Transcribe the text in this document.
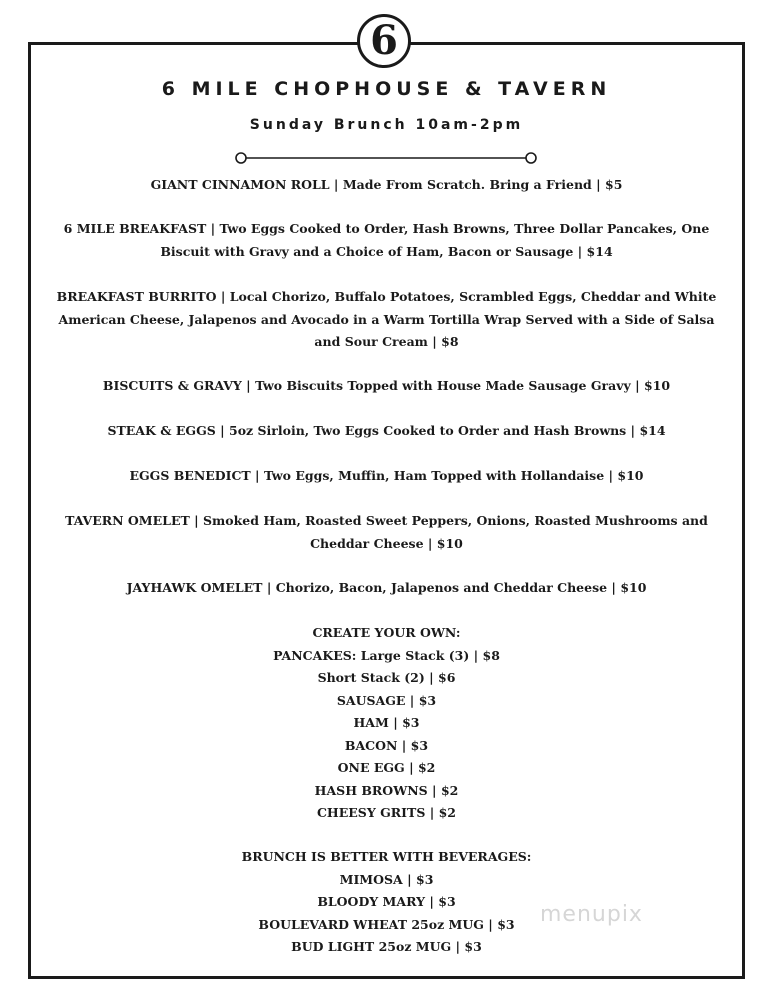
6
6 MILE CHOPHOUSE & TAVERN
Sunday Brunch 10am-2pm

GIANT CINNAMON ROLL | Made From Scratch. Bring a Friend | $5

6 MILE BREAKFAST | Two Eggs Cooked to Order, Hash Browns, Three Dollar Pancakes, One Biscuit with Gravy and a Choice of Ham, Bacon or Sausage | $14

BREAKFAST BURRITO | Local Chorizo, Buffalo Potatoes, Scrambled Eggs, Cheddar and White American Cheese, Jalapenos and Avocado in a Warm Tortilla Wrap Served with a Side of Salsa and Sour Cream | $8

BISCUITS & GRAVY | Two Biscuits Topped with House Made Sausage Gravy | $10

STEAK & EGGS | 5oz Sirloin, Two Eggs Cooked to Order and Hash Browns | $14

EGGS BENEDICT | Two Eggs, Muffin, Ham Topped with Hollandaise | $10

TAVERN OMELET | Smoked Ham, Roasted Sweet Peppers, Onions, Roasted Mushrooms and Cheddar Cheese | $10

JAYHAWK OMELET | Chorizo, Bacon, Jalapenos and Cheddar Cheese | $10

CREATE YOUR OWN:

PANCAKES: Large Stack (3) | $8

Short Stack (2) | $6

SAUSAGE | $3

HAM | $3

BACON | $3

ONE EGG | $2

HASH BROWNS | $2

CHEESY GRITS | $2

BRUNCH IS BETTER WITH BEVERAGES:

MIMOSA | $3

BLOODY MARY | $3

BOULEVARD WHEAT 25oz MUG | $3

BUD LIGHT 25oz MUG | $3

menupix
